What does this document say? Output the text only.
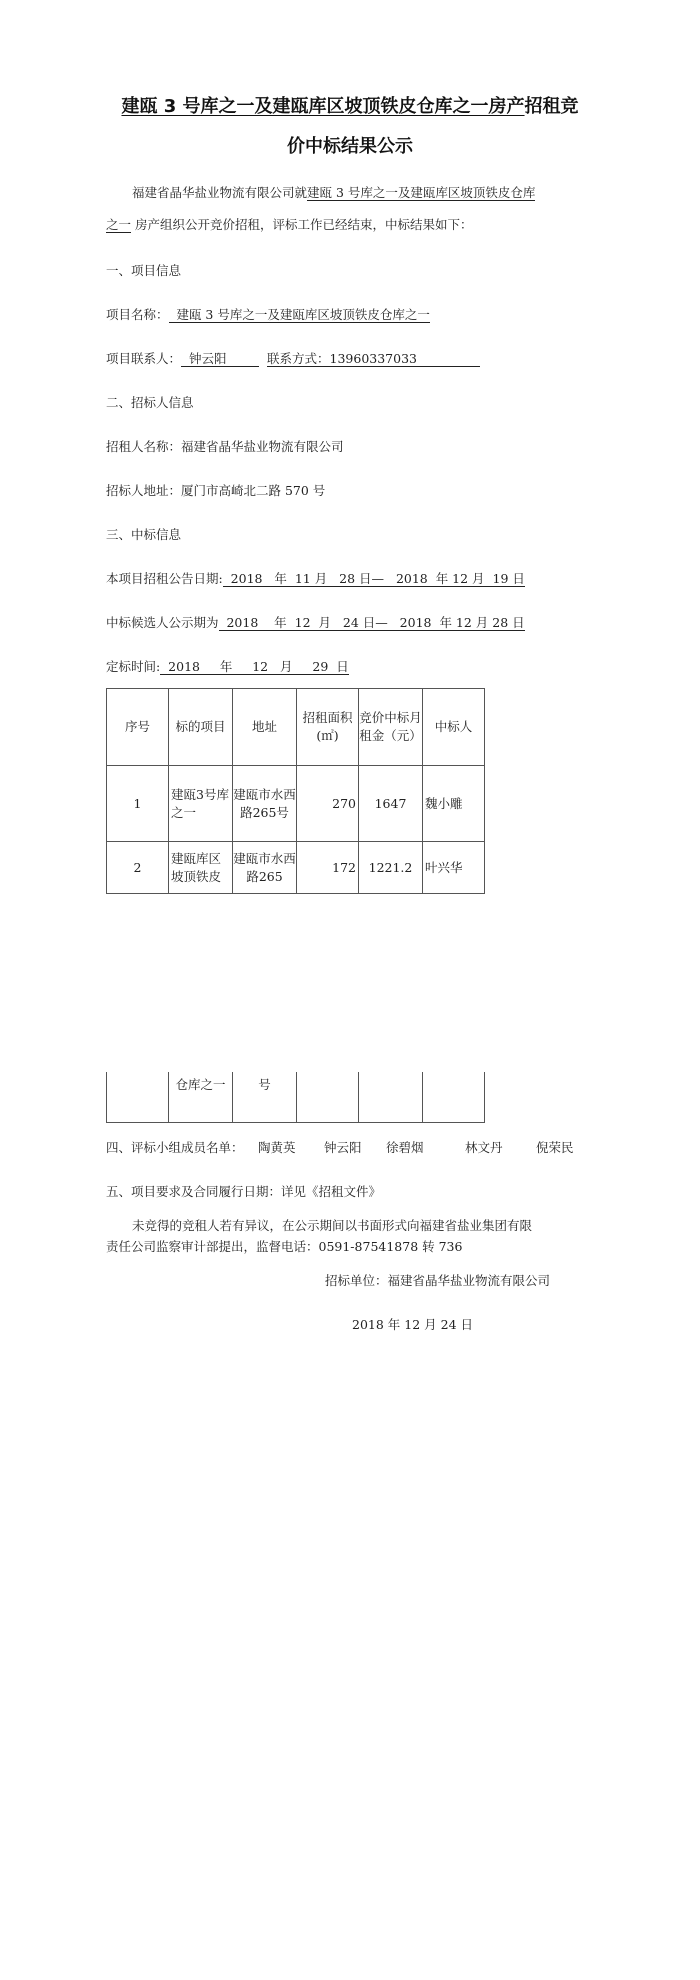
建瓯 3 号库之一及建瓯库区坡顶铁皮仓库之一房产招租竞
价中标结果公示
福建省晶华盐业物流有限公司就建瓯 3 号库之一及建瓯库区坡顶铁皮仓库
之一 房产组织公开竞价招租，评标工作已经结束，中标结果如下：
一、项目信息
项目名称：  建瓯 3 号库之一及建瓯库区坡顶铁皮仓库之一
项目联系人：  钟云阳     联系方式：13960337033
二、招标人信息
招租人名称：福建省晶华盐业物流有限公司
招标人地址：厦门市高崎北二路 570 号
三、中标信息
本项目招租公告日期:  2018   年  11 月   28 日—   2018  年 12 月  19 日
中标候选人公示期为  2018    年  12  月   24 日—   2018  年 12 月 28 日
定标时间:  2018     年     12   月     29  日
序号	标的项目	地址	招租面积(㎡)	竞价中标月租金（元）	中标人
1	建瓯3号库之一	建瓯市水西路265号	270	1647	魏小雕
2	建瓯库区坡顶铁皮	建瓯市水西路265	172	1221.2	叶兴华
	仓库之一	号			
四、评标小组成员名单： 陶黄英 钟云阳 徐碧烟	林文丹	倪荣民
五、项目要求及合同履行日期：详见《招租文件》
未竞得的竞租人若有异议，在公示期间以书面形式向福建省盐业集团有限
责任公司监察审计部提出，监督电话：0591-87541878 转 736
招标单位：福建省晶华盐业物流有限公司
2018 年 12 月 24 日
